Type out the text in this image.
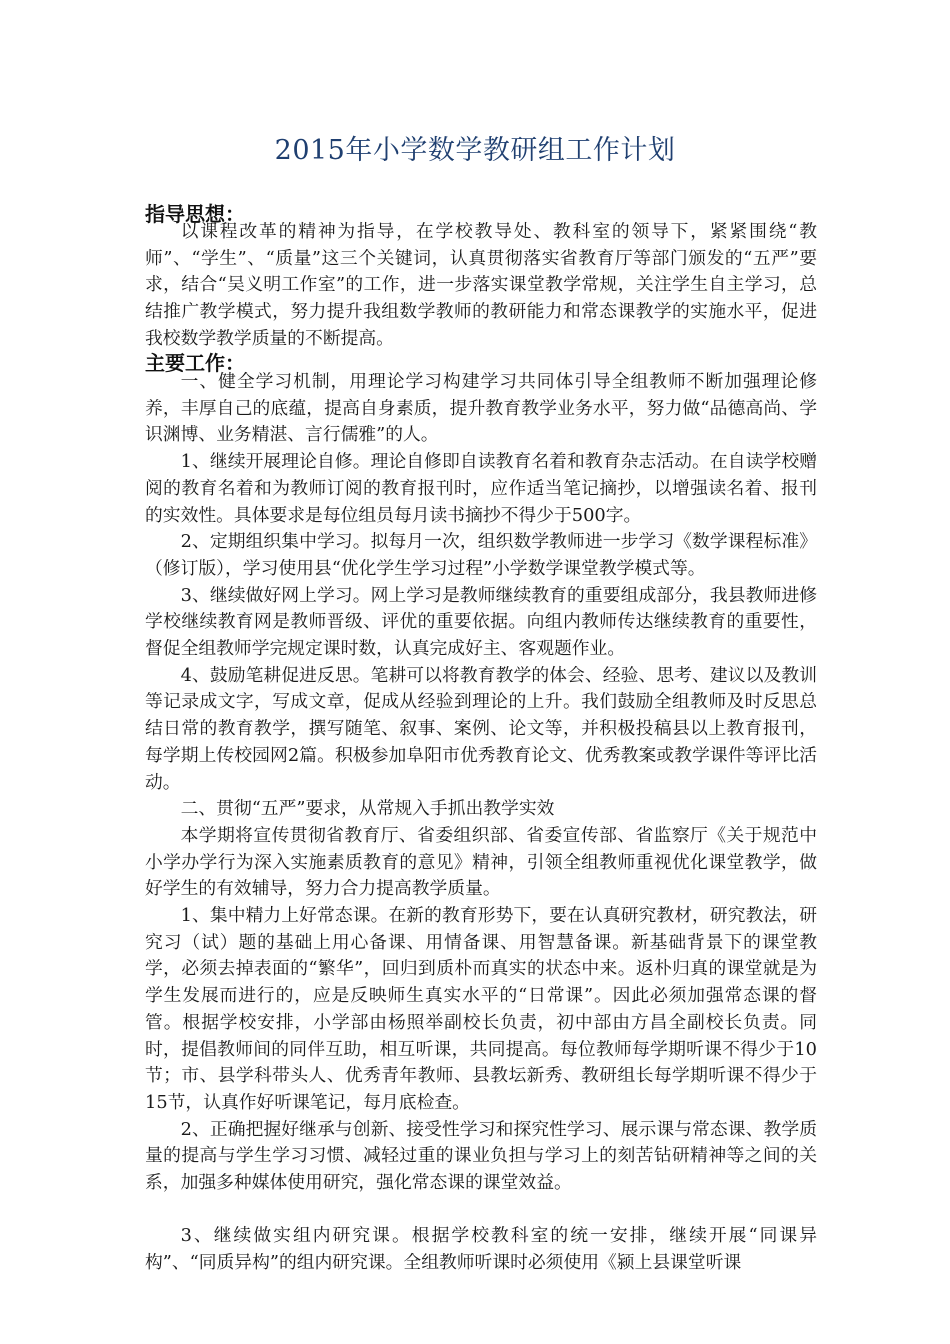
2015年小学数学教研组工作计划
指导思想：

以课程改革的精神为指导，在学校教导处、教科室的领导下，紧紧围绕“教师”、“学生”、“质量”这三个关键词，认真贯彻落实省教育厅等部门颁发的“五严”要求，结合“吴义明工作室”的工作，进一步落实课堂教学常规，关注学生自主学习，总结推广教学模式，努力提升我组数学教师的教研能力和常态课教学的实施水平，促进我校数学教学质量的不断提高。

主要工作：

一、健全学习机制，用理论学习构建学习共同体引导全组教师不断加强理论修养，丰厚自己的底蕴，提高自身素质，提升教育教学业务水平，努力做“品德高尚、学识渊博、业务精湛、言行儒雅”的人。

1、继续开展理论自修。理论自修即自读教育名着和教育杂志活动。在自读学校赠阅的教育名着和为教师订阅的教育报刊时，应作适当笔记摘抄，以增强读名着、报刊的实效性。具体要求是每位组员每月读书摘抄不得少于500字。

2、定期组织集中学习。拟每月一次，组织数学教师进一步学习《数学课程标准》（修订版），学习使用县“优化学生学习过程”小学数学课堂教学模式等。

3、继续做好网上学习。网上学习是教师继续教育的重要组成部分，我县教师进修学校继续教育网是教师晋级、评优的重要依据。向组内教师传达继续教育的重要性，督促全组教师学完规定课时数，认真完成好主、客观题作业。

4、鼓励笔耕促进反思。笔耕可以将教育教学的体会、经验、思考、建议以及教训等记录成文字，写成文章，促成从经验到理论的上升。我们鼓励全组教师及时反思总结日常的教育教学，撰写随笔、叙事、案例、论文等，并积极投稿县以上教育报刊，每学期上传校园网2篇。积极参加阜阳市优秀教育论文、优秀教案或教学课件等评比活动。

二、贯彻“五严”要求，从常规入手抓出教学实效

本学期将宣传贯彻省教育厅、省委组织部、省委宣传部、省监察厅《关于规范中小学办学行为深入实施素质教育的意见》精神，引领全组教师重视优化课堂教学，做好学生的有效辅导，努力合力提高教学质量。

1、集中精力上好常态课。在新的教育形势下，要在认真研究教材，研究教法，研究习（试）题的基础上用心备课、用情备课、用智慧备课。新基础背景下的课堂教学，必须去掉表面的“繁华”，回归到质朴而真实的状态中来。返朴归真的课堂就是为学生发展而进行的，应是反映师生真实水平的“日常课”。因此必须加强常态课的督管。根据学校安排，小学部由杨照举副校长负责，初中部由方昌全副校长负责。同时，提倡教师间的同伴互助，相互听课，共同提高。每位教师每学期听课不得少于10节；市、县学科带头人、优秀青年教师、县教坛新秀、教研组长每学期听课不得少于15节，认真作好听课笔记，每月底检查。

2、正确把握好继承与创新、接受性学习和探究性学习、展示课与常态课、教学质量的提高与学生学习习惯、减轻过重的课业负担与学习上的刻苦钻研精神等之间的关系，加强多种媒体使用研究，强化常态课的课堂效益。

3、继续做实组内研究课。根据学校教科室的统一安排，继续开展“同课异构”、“同质异构”的组内研究课。全组教师听课时必须使用《颍上县课堂听课
